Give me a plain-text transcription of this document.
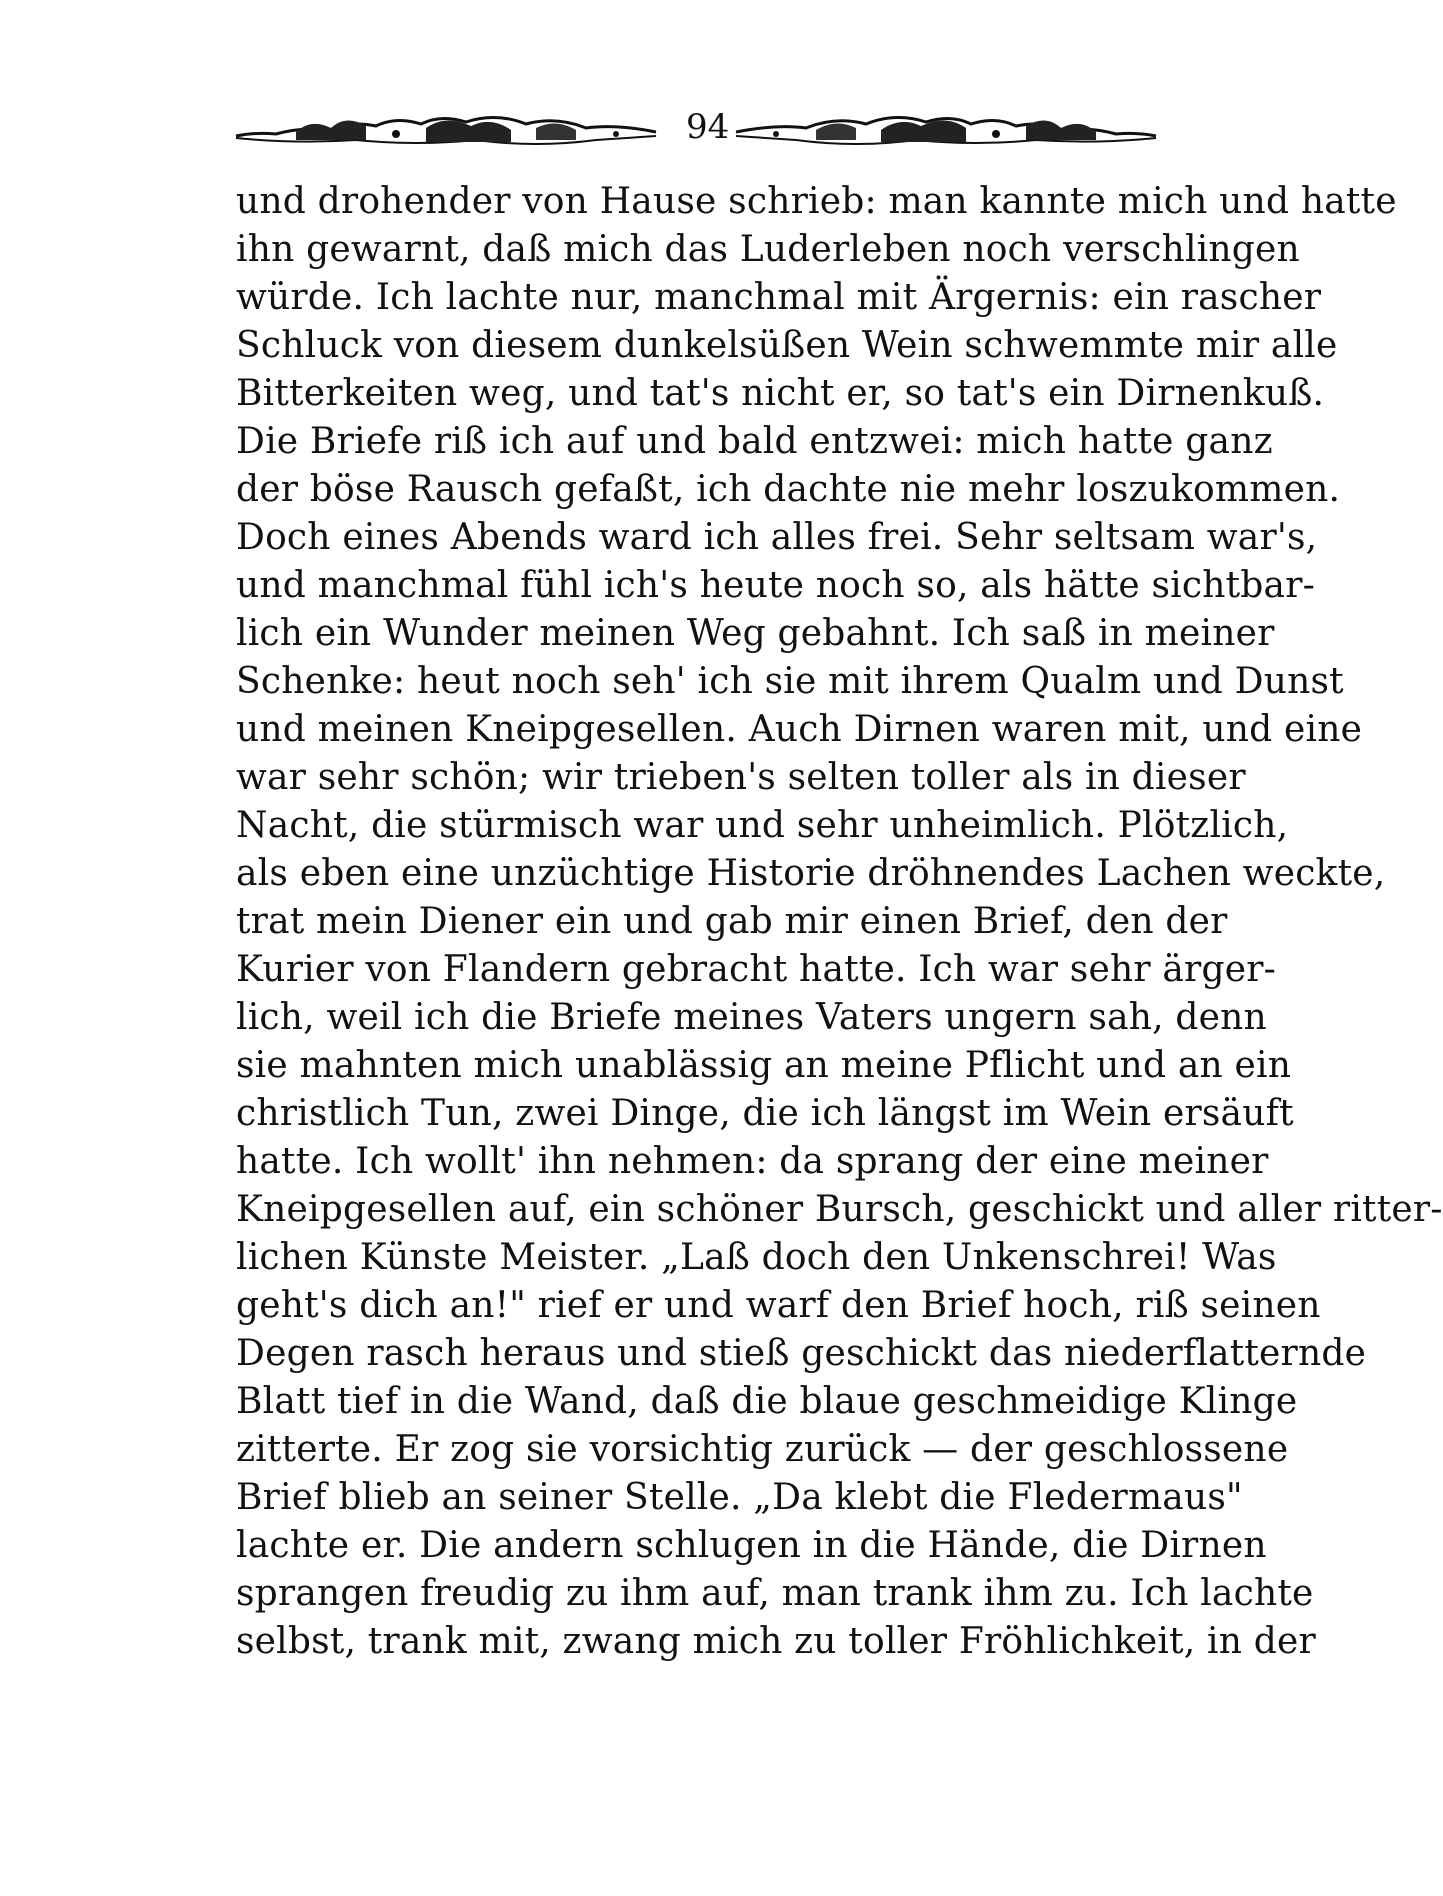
94
und drohender von Hause schrieb: man kannte mich und hatte
ihn gewarnt, daß mich das Luderleben noch verschlingen
würde. Ich lachte nur, manchmal mit Ärgernis: ein rascher
Schluck von diesem dunkelsüßen Wein schwemmte mir alle
Bitterkeiten weg, und tat's nicht er, so tat's ein Dirnenkuß.
Die Briefe riß ich auf und bald entzwei: mich hatte ganz
der böse Rausch gefaßt, ich dachte nie mehr loszukommen.
Doch eines Abends ward ich alles frei. Sehr seltsam war's,
und manchmal fühl ich's heute noch so, als hätte sichtbar-
lich ein Wunder meinen Weg gebahnt. Ich saß in meiner
Schenke: heut noch seh' ich sie mit ihrem Qualm und Dunst
und meinen Kneipgesellen. Auch Dirnen waren mit, und eine
war sehr schön; wir trieben's selten toller als in dieser
Nacht, die stürmisch war und sehr unheimlich. Plötzlich,
als eben eine unzüchtige Historie dröhnendes Lachen weckte,
trat mein Diener ein und gab mir einen Brief, den der
Kurier von Flandern gebracht hatte. Ich war sehr ärger-
lich, weil ich die Briefe meines Vaters ungern sah, denn
sie mahnten mich unablässig an meine Pflicht und an ein
christlich Tun, zwei Dinge, die ich längst im Wein ersäuft
hatte. Ich wollt' ihn nehmen: da sprang der eine meiner
Kneipgesellen auf, ein schöner Bursch, geschickt und aller ritter-
lichen Künste Meister. „Laß doch den Unkenschrei! Was
geht's dich an!" rief er und warf den Brief hoch, riß seinen
Degen rasch heraus und stieß geschickt das niederflatternde
Blatt tief in die Wand, daß die blaue geschmeidige Klinge
zitterte. Er zog sie vorsichtig zurück — der geschlossene
Brief blieb an seiner Stelle. „Da klebt die Fledermaus"
lachte er. Die andern schlugen in die Hände, die Dirnen
sprangen freudig zu ihm auf, man trank ihm zu. Ich lachte
selbst, trank mit, zwang mich zu toller Fröhlichkeit, in der
